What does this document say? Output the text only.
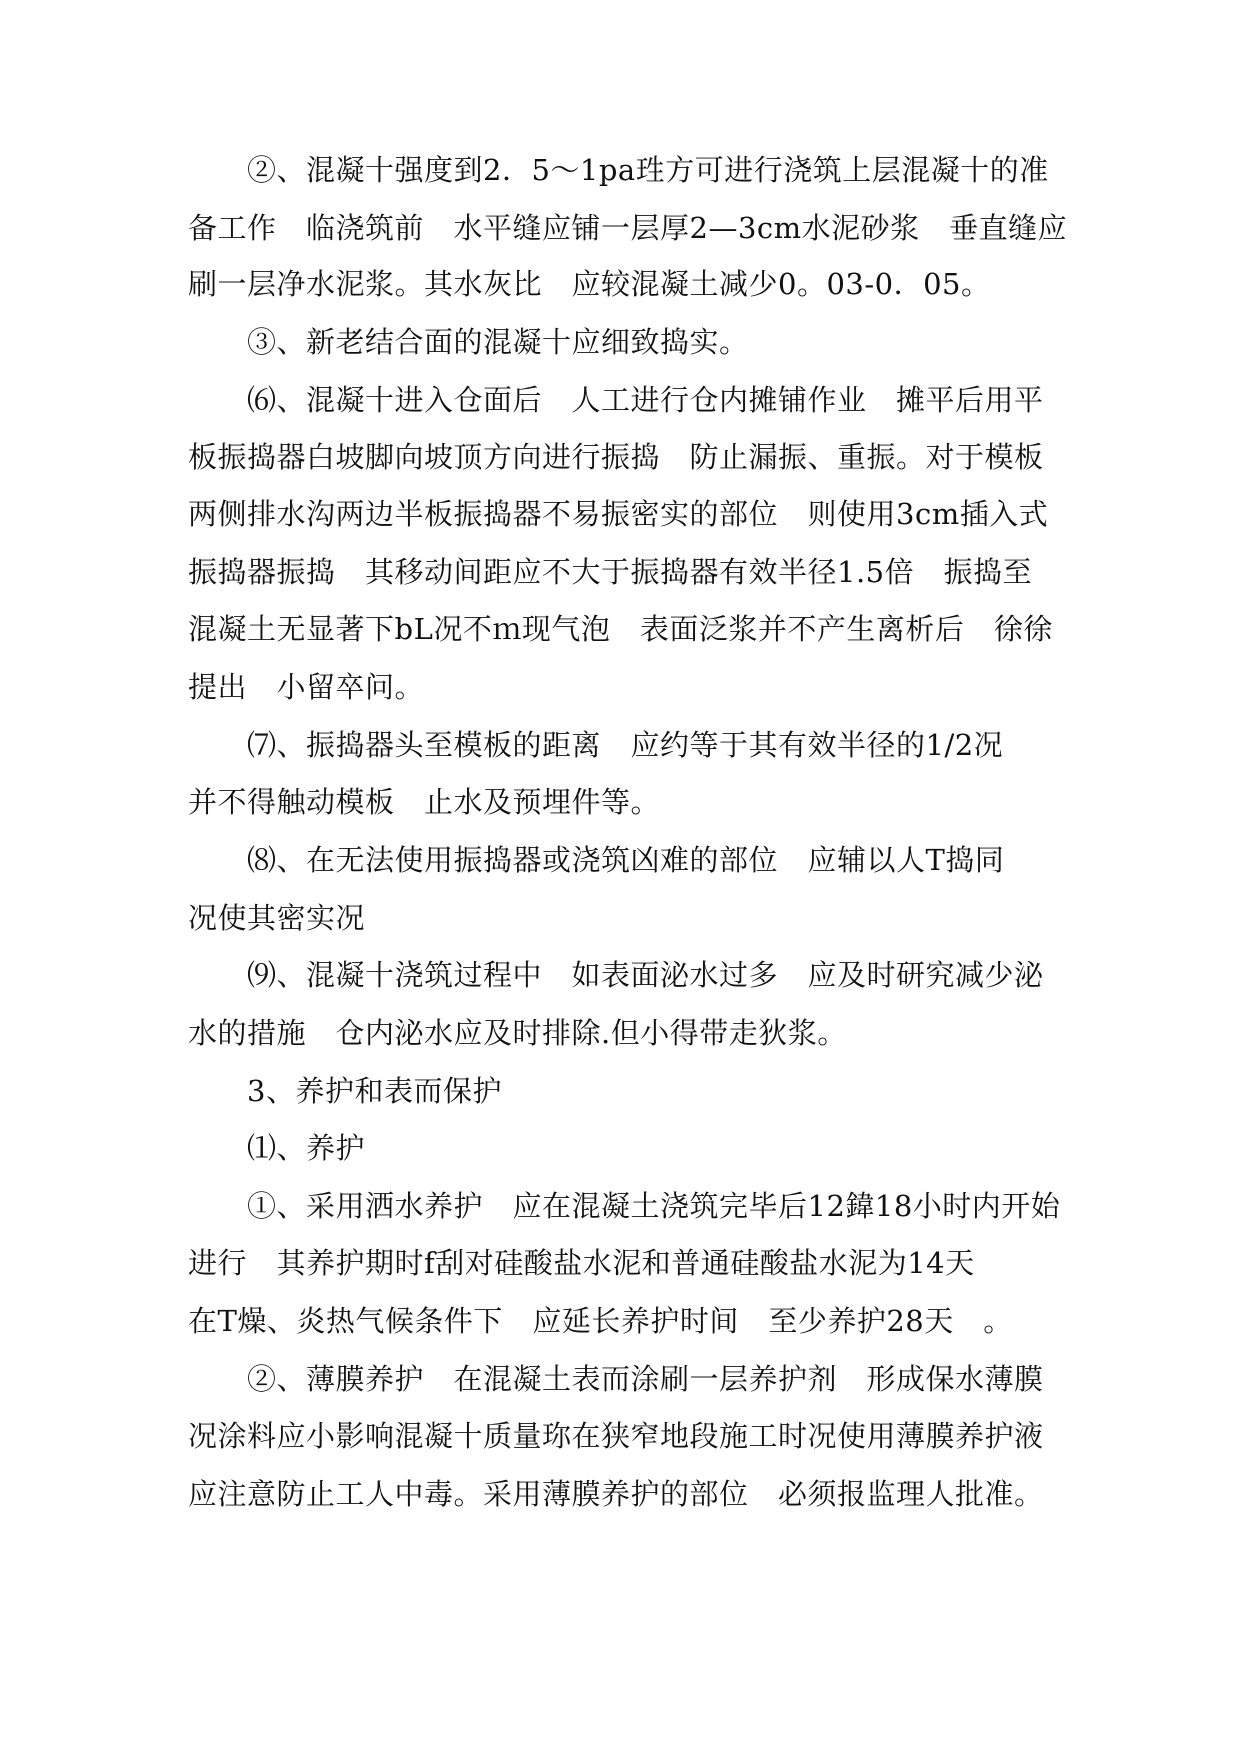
　　②、混凝十强度到2．5～1pa珄方可进行浇筑上层混凝十的准
备工作　临浇筑前　水平缝应铺一层厚2—3cm水泥砂浆　垂直缝应
刷一层净水泥浆。其水灰比　应较混凝土减少0。03-0．05。
　　③、新老结合面的混凝十应细致捣实。
　　⑹、混凝十进入仓面后　人工进行仓内摊铺作业　摊平后用平
板振捣器白坡脚向坡顶方向进行振捣　防止漏振、重振。对于模板
两侧排水沟两边半板振捣器不易振密实的部位　则使用3cm插入式
振捣器振捣　其移动间距应不大于振捣器有效半径1.5倍　振捣至
混凝土无显著下bL况不ｍ现气泡　表面泛浆并不产生离析后　徐徐
提出　小留卒问。
　　⑺、振捣器头至模板的距离　应约等于其有效半径的1/2况
并不得触动模板　止水及预埋件等。
　　⑻、在无法使用振捣器或浇筑凶难的部位　应辅以人T捣同
况使其密实况
　　⑼、混凝十浇筑过程中　如表面泌水过多　应及时研究减少泌
水的措施　仓内泌水应及时排除.但小得带走狄浆。
　　3、养护和表而保护
　　⑴、养护
　　①、采用洒水养护　应在混凝土浇筑完毕后12鍏18小时内开始
进行　其养护期时f刮对硅酸盐水泥和普通硅酸盐水泥为14天
在T燥、炎热气候条件下　应延长养护时间　至少养护28天　。
　　②、薄膜养护　在混凝土表而涂刷一层养护剂　形成保水薄膜
况涂料应小影响混凝十质量珎在狭窄地段施工时况使用薄膜养护液
应注意防止工人中毒。采用薄膜养护的部位　必须报监理人批准。
